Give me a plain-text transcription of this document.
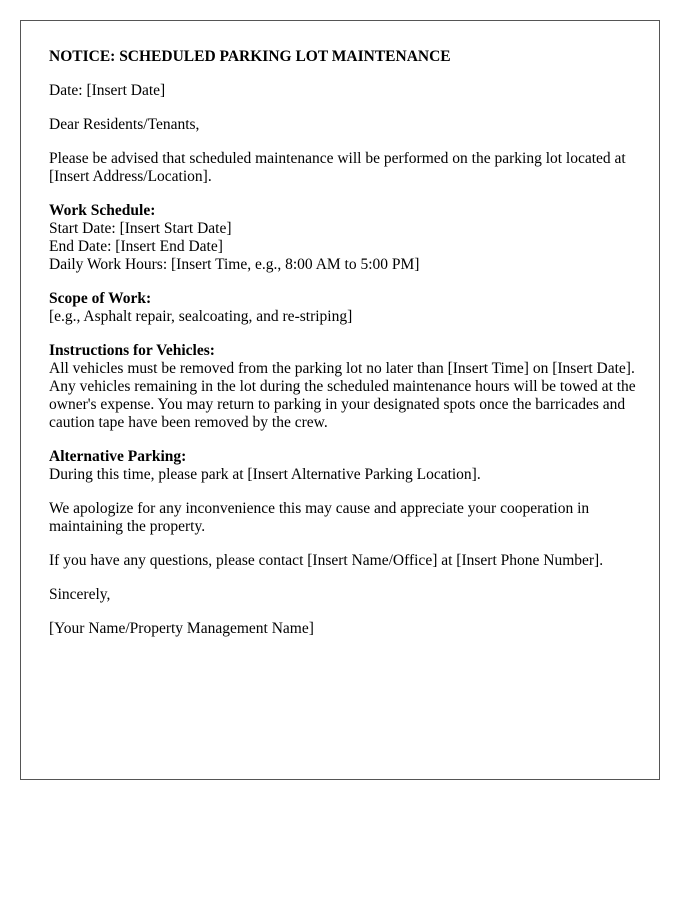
NOTICE: SCHEDULED PARKING LOT MAINTENANCE

Date: [Insert Date]

Dear Residents/Tenants,

Please be advised that scheduled maintenance will be performed on the parking lot located at [Insert Address/Location].

Work Schedule:
Start Date: [Insert Start Date]
End Date: [Insert End Date]
Daily Work Hours: [Insert Time, e.g., 8:00 AM to 5:00 PM]

Scope of Work:
[e.g., Asphalt repair, sealcoating, and re-striping]

Instructions for Vehicles:
All vehicles must be removed from the parking lot no later than [Insert Time] on [Insert Date]. Any vehicles remaining in the lot during the scheduled maintenance hours will be towed at the owner's expense. You may return to parking in your designated spots once the barricades and caution tape have been removed by the crew.

Alternative Parking:
During this time, please park at [Insert Alternative Parking Location].

We apologize for any inconvenience this may cause and appreciate your cooperation in maintaining the property.

If you have any questions, please contact [Insert Name/Office] at [Insert Phone Number].

Sincerely,

[Your Name/Property Management Name]
